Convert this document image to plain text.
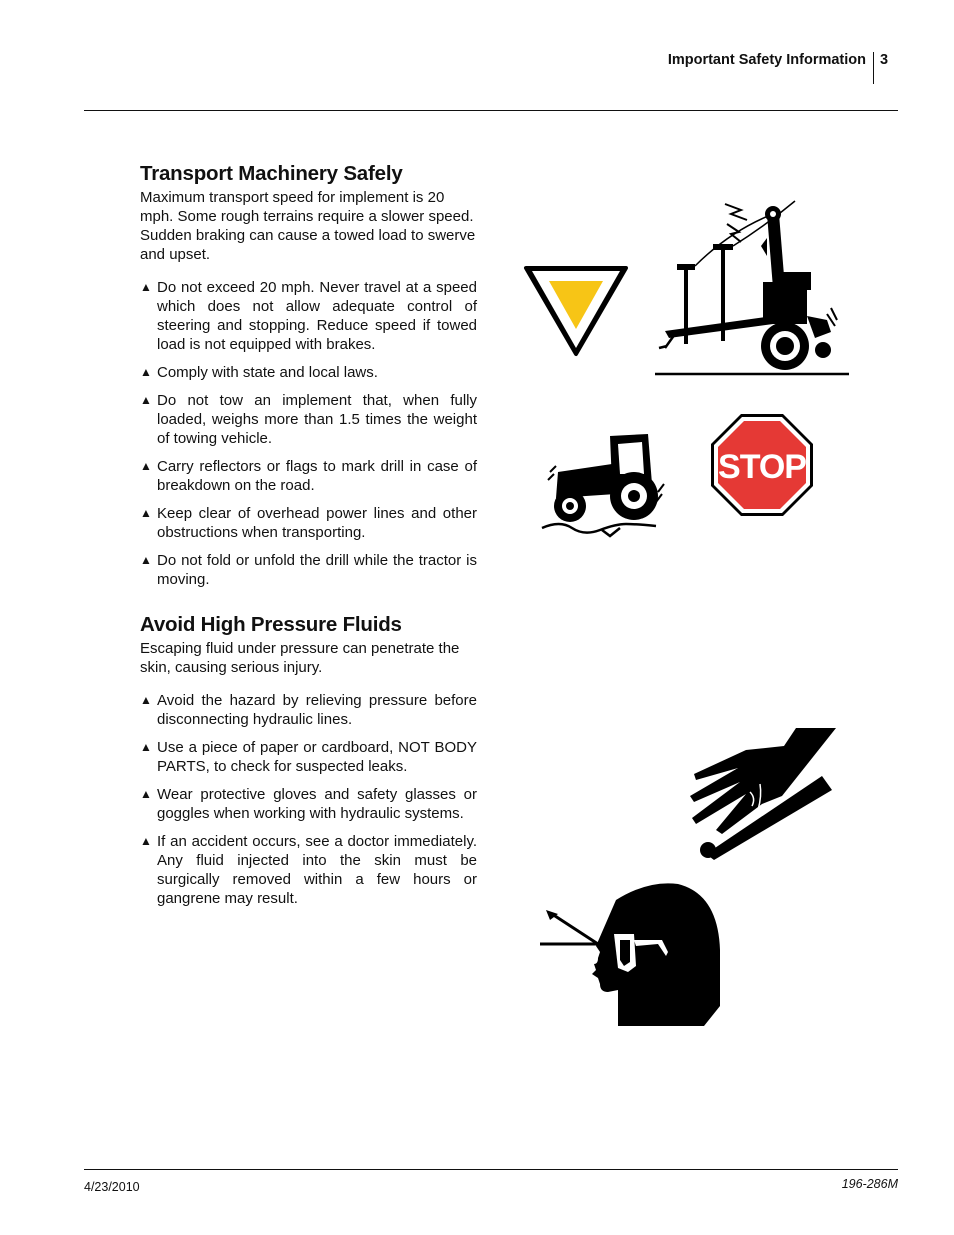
Important Safety Information 3
Transport Machinery Safely

Maximum transport speed for implement is 20 mph. Some rough terrains require a slower speed. Sudden braking can cause a towed load to swerve and upset.

▲ Do not exceed 20 mph. Never travel at a speed which does not allow adequate control of steering and stopping. Reduce speed if towed load is not equipped with brakes.
▲ Comply with state and local laws.
▲ Do not tow an implement that, when fully loaded, weighs more than 1.5 times the weight of towing vehicle.
▲ Carry reflectors or flags to mark drill in case of breakdown on the road.
▲ Keep clear of overhead power lines and other obstructions when transporting.
▲ Do not fold or unfold the drill while the tractor is moving.
Avoid High Pressure Fluids

Escaping fluid under pressure can penetrate the skin, causing serious injury.

▲ Avoid the hazard by relieving pressure before disconnecting hydraulic lines.
▲ Use a piece of paper or cardboard, NOT BODY PARTS, to check for suspected leaks.
▲ Wear protective gloves and safety glasses or goggles when working with hydraulic systems.
▲ If an accident occurs, see a doctor immediately. Any fluid injected into the skin must be surgically removed within a few hours or gangrene may result.
STOP
4/23/2010	196-286M
